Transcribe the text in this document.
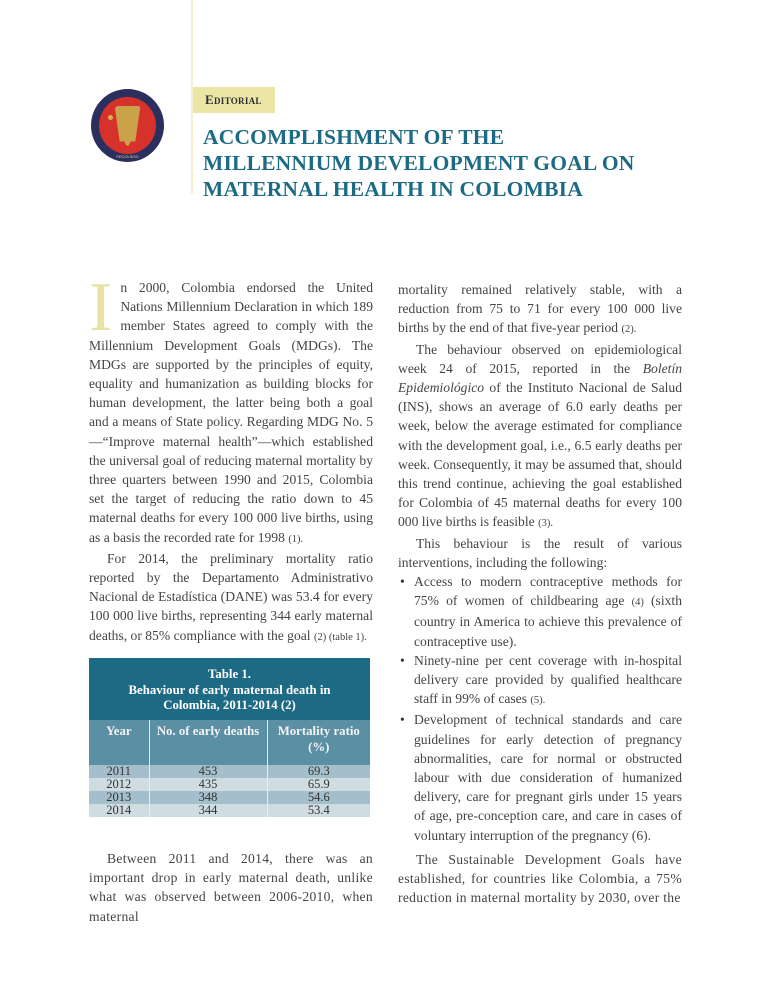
FECOLSOG
Editorial
ACCOMPLISHMENT OF THE MILLENNIUM DEVELOPMENT GOAL ON MATERNAL HEALTH IN COLOMBIA

I n 2000, Colombia endorsed the United Nations Millennium Declaration in which 189 member States agreed to comply with the Millennium Development Goals (MDGs). The MDGs are supported by the principles of equity, equality and humanization as building blocks for human development, the latter being both a goal and a means of State policy. Regarding MDG No. 5—“Improve maternal health”—which established the universal goal of reducing maternal mortality by three quarters between 1990 and 2015, Colombia set the target of reducing the ratio down to 45 maternal deaths for every 100 000 live births, using as a basis the recorded rate for 1998 (1).

For 2014, the preliminary mortality ratio reported by the Departamento Administrativo Nacional de Estadística (DANE) was 53.4 for every 100 000 live births, representing 344 early maternal deaths, or 85% compliance with the goal (2) (table 1).

Table 1.
Behaviour of early maternal death in
Colombia, 2011-2014 (2)
Year	No. of early deaths	Mortality ratio (%)
2011	453	69.3
2012	435	65.9
2013	348	54.6
2014	344	53.4

Between 2011 and 2014, there was an important drop in early maternal death, unlike what was observed between 2006-2010, when maternal

mortality remained relatively stable, with a reduction from 75 to 71 for every 100 000 live births by the end of that five-year period (2).

The behaviour observed on epidemiological week 24 of 2015, reported in the Boletín Epidemiológico of the Instituto Nacional de Salud (INS), shows an average of 6.0 early deaths per week, below the average estimated for compliance with the development goal, i.e., 6.5 early deaths per week. Consequently, it may be assumed that, should this trend continue, achieving the goal established for Colombia of 45 maternal deaths for every 100 000 live births is feasible (3).

This behaviour is the result of various interventions, including the following:

• Access to modern contraceptive methods for 75% of women of childbearing age (4) (sixth country in America to achieve this prevalence of contraceptive use).
• Ninety-nine per cent coverage with in-hospital delivery care provided by qualified healthcare staff in 99% of cases (5).
• Development of technical standards and care guidelines for early detection of pregnancy abnormalities, care for normal or obstructed labour with due consideration of humanized delivery, care for pregnant girls under 15 years of age, pre-conception care, and care in cases of voluntary interruption of the pregnancy (6).

The Sustainable Development Goals have established, for countries like Colombia, a 75% reduction in maternal mortality by 2030, over the
